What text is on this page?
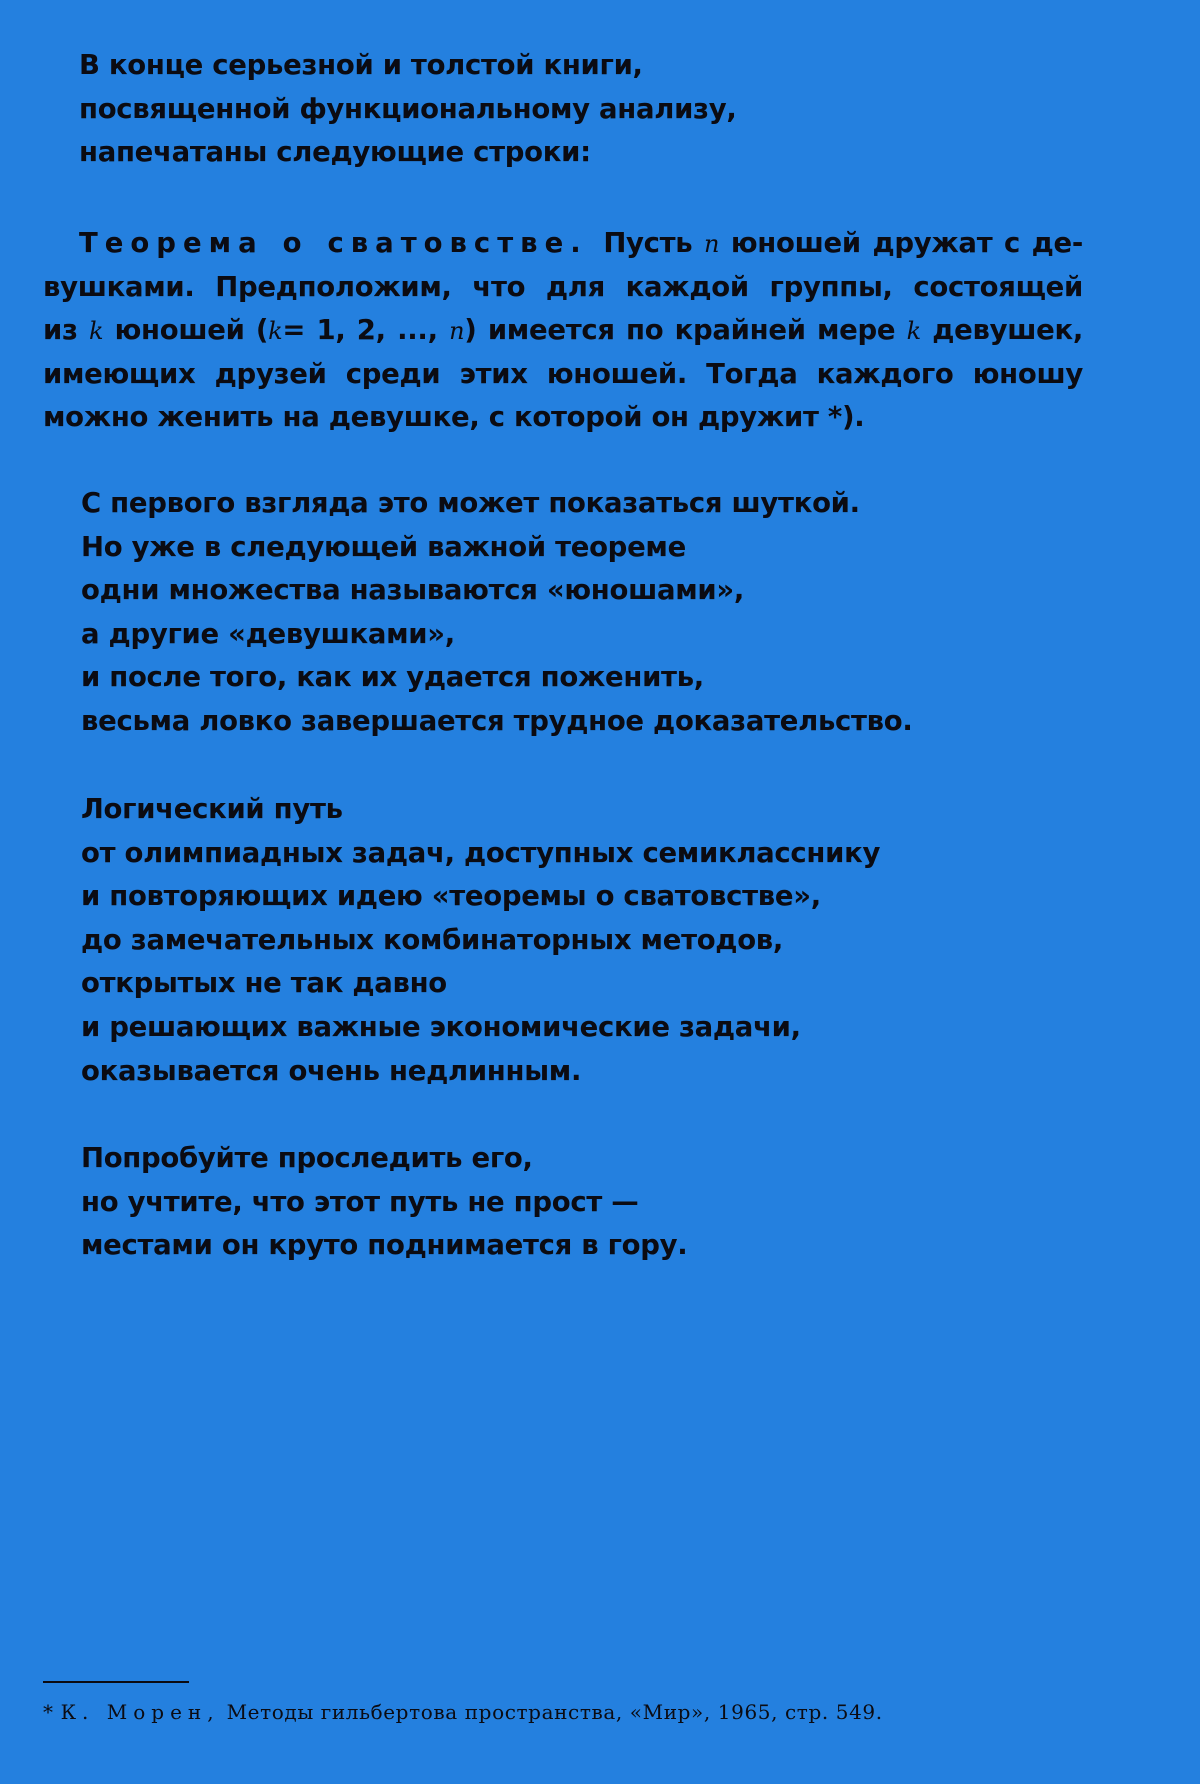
В конце серьезной и толстой книги,
посвященной функциональному анализу,
напечатаны следующие строки:
Теорема о сватовстве. Пусть n юношей дружат с де-
вушками. Предположим, что для каждой группы, состоящей
из k юношей (k= 1, 2, ..., n) имеется по крайней мере k девушек,
имеющих друзей среди этих юношей. Тогда каждого юношу
можно женить на девушке, с которой он дружит *).
С первого взгляда это может показаться шуткой.
Но уже в следующей важной теореме
одни множества называются «юношами»,
а другие «девушками»,
и после того, как их удается поженить,
весьма ловко завершается трудное доказательство.
Логический путь
от олимпиадных задач, доступных семикласснику
и повторяющих идею «теоремы о сватовстве»,
до замечательных комбинаторных методов,
открытых не так давно
и решающих важные экономические задачи,
оказывается очень недлинным.
Попробуйте проследить его,
но учтите, что этот путь не прост —
местами он круто поднимается в гору.
* К. Морен, Методы гильбертова пространства, «Мир», 1965, стр. 549.
